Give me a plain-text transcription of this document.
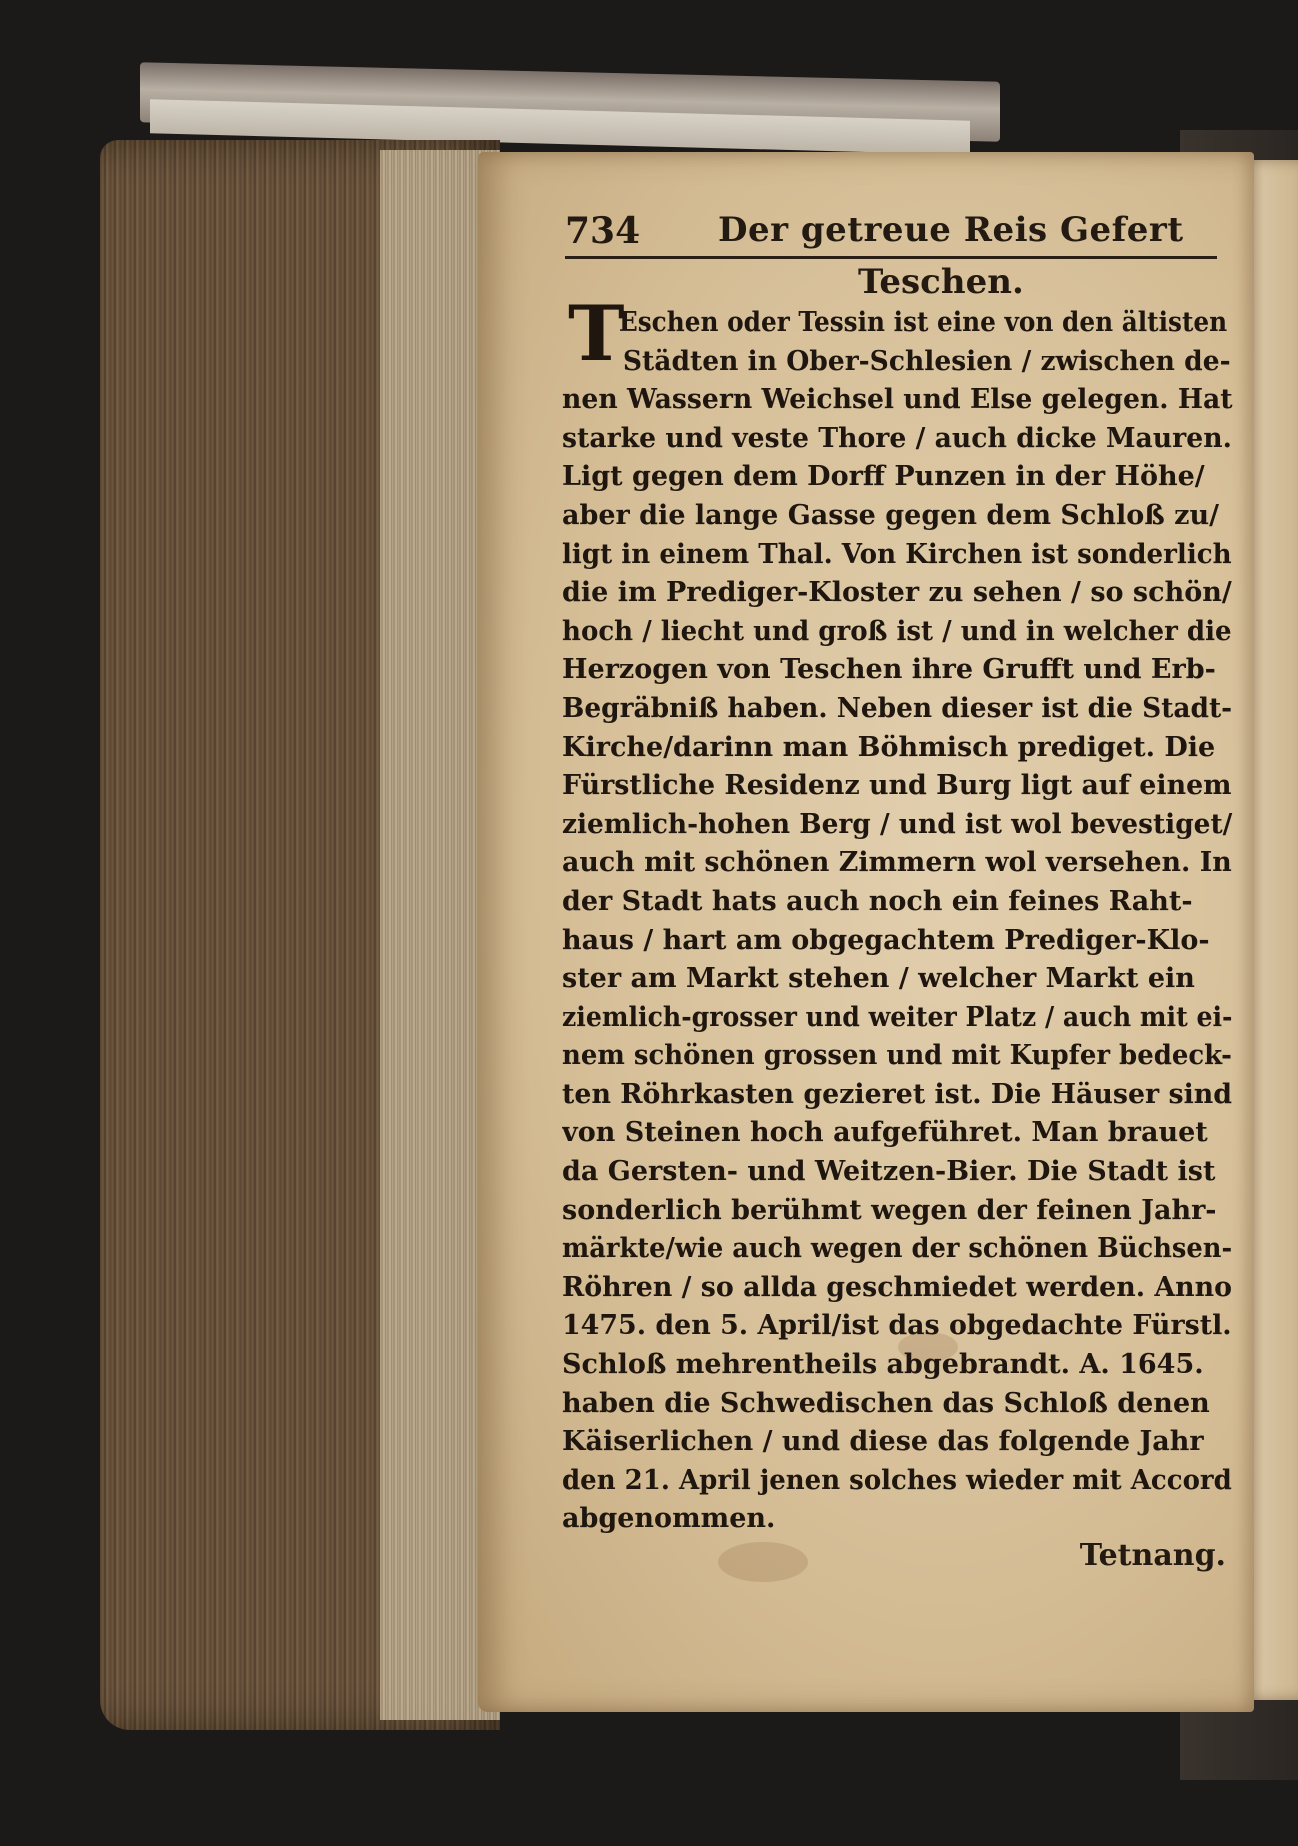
734 Der getreue Reis Gefert
Teschen.
T
Eschen oder Tessin ist eine von den ältisten
Städten in Ober-Schlesien / zwischen de-
nen Wassern Weichsel und Else gelegen. Hat
starke und veste Thore / auch dicke Mauren.
Ligt gegen dem Dorff Punzen in der Höhe/
aber die lange Gasse gegen dem Schloß zu/
ligt in einem Thal. Von Kirchen ist sonderlich
die im Prediger-Kloster zu sehen / so schön/
hoch / liecht und groß ist / und in welcher die
Herzogen von Teschen ihre Grufft und Erb-
Begräbniß haben. Neben dieser ist die Stadt-
Kirche/darinn man Böhmisch prediget. Die
Fürstliche Residenz und Burg ligt auf einem
ziemlich-hohen Berg / und ist wol bevestiget/
auch mit schönen Zimmern wol versehen. In
der Stadt hats auch noch ein feines Raht-
haus / hart am obgegachtem Prediger-Klo-
ster am Markt stehen / welcher Markt ein
ziemlich-grosser und weiter Platz / auch mit ei-
nem schönen grossen und mit Kupfer bedeck-
ten Röhrkasten gezieret ist. Die Häuser sind
von Steinen hoch aufgeführet. Man brauet
da Gersten- und Weitzen-Bier. Die Stadt ist
sonderlich berühmt wegen der feinen Jahr-
märkte/wie auch wegen der schönen Büchsen-
Röhren / so allda geschmiedet werden. Anno
1475. den 5. April/ist das obgedachte Fürstl.
Schloß mehrentheils abgebrandt. A. 1645.
haben die Schwedischen das Schloß denen
Käiserlichen / und diese das folgende Jahr
den 21. April jenen solches wieder mit Accord
abgenommen.
Tetnang.
